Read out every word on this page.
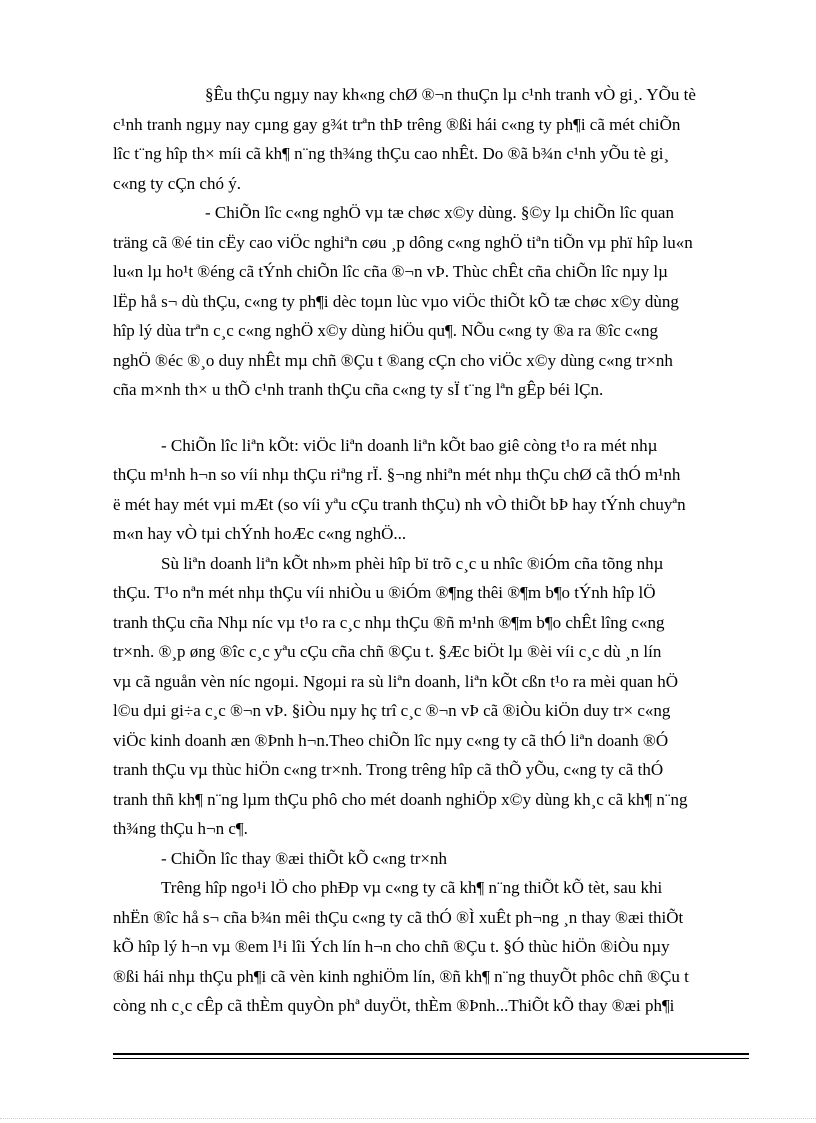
§Êu thÇu ngµy nay kh«ng chØ ®¬n thuÇn lµ c¹nh tranh vÒ gi¸. YÕu tè
c¹nh tranh ngµy nay cµng gay g¾t trªn thÞ trêng ®ßi hái c«ng ty ph¶i cã mét chiÕn
lîc t¨ng hîp th× míi cã kh¶ n¨ng th¾ng thÇu cao nhÊt. Do ®ã b¾n c¹nh yÕu tè gi¸
c«ng ty cÇn chó ý.
- ChiÕn lîc c«ng nghÖ vµ tæ chøc x©y dùng. §©y lµ chiÕn lîc quan
träng cã ®é tin cËy cao viÖc nghiªn cøu ¸p dông c«ng nghÖ tiªn tiÕn vµ phï hîp lu«n
lu«n lµ ho¹t ®éng cã tÝnh chiÕn lîc cña ®¬n vÞ. Thùc chÊt cña chiÕn lîc nµy lµ
lËp hå s¬ dù thÇu, c«ng ty ph¶i dèc toµn lùc vµo viÖc thiÕt kÕ tæ chøc x©y dùng
hîp lý dùa trªn c¸c c«ng nghÖ x©y dùng hiÖu qu¶. NÕu c«ng ty ®a ra ®îc c«ng
nghÖ ®éc ®¸o duy nhÊt mµ chñ ®Çu t ®ang cÇn cho viÖc x©y dùng c«ng tr×nh
cña m×nh th× u thÕ c¹nh tranh thÇu cña c«ng ty sÏ t¨ng lªn gÊp béi lÇn.
- ChiÕn lîc liªn kÕt: viÖc liªn doanh liªn kÕt bao giê còng t¹o ra mét nhµ
thÇu m¹nh h¬n so víi nhµ thÇu riªng rÏ. §¬ng nhiªn mét nhµ thÇu chØ cã thÓ m¹nh
ë mét hay mét vµi mÆt (so víi yªu cÇu tranh thÇu) nh vÒ thiÕt bÞ hay tÝnh chuyªn
m«n hay vÒ tµi chÝnh hoÆc c«ng nghÖ...
Sù liªn doanh liªn kÕt nh»m phèi hîp bï trõ c¸c u nhîc ®iÓm cña tõng nhµ
thÇu. T¹o nªn mét nhµ thÇu víi nhiÒu u ®iÓm ®¶ng thêi ®¶m b¶o tÝnh hîp lÖ
tranh thÇu cña Nhµ níc vµ t¹o ra c¸c nhµ thÇu ®ñ m¹nh ®¶m b¶o chÊt lîng c«ng
tr×nh. ®¸p øng ®îc c¸c yªu cÇu cña chñ ®Çu t. §Æc biÖt lµ ®èi víi c¸c dù ¸n lín
vµ cã nguån vèn níc ngoµi. Ngoµi ra sù liªn doanh, liªn kÕt cßn t¹o ra mèi quan hÖ
l©u dµi gi÷a c¸c ®¬n vÞ. §iÒu nµy hç trî c¸c ®¬n vÞ cã ®iÒu kiÖn duy tr× c«ng
viÖc kinh doanh æn ®Þnh h¬n.Theo chiÕn lîc nµy c«ng ty cã thÓ liªn doanh ®Ó
tranh thÇu vµ thùc hiÖn c«ng tr×nh. Trong trêng hîp cã thÕ yÕu, c«ng ty cã thÓ
tranh thñ kh¶ n¨ng lµm thÇu phô cho mét doanh nghiÖp x©y dùng kh¸c cã kh¶ n¨ng
th¾ng thÇu h¬n c¶.
- ChiÕn lîc thay ®æi thiÕt kÕ c«ng tr×nh
Trêng hîp ngo¹i lÖ cho phÐp vµ c«ng ty cã kh¶ n¨ng thiÕt kÕ tèt, sau khi
nhËn ®îc hå s¬ cña b¾n mêi thÇu c«ng ty cã thÓ ®Ì xuÊt ph¬ng ¸n thay ®æi thiÕt
kÕ hîp lý h¬n vµ ®em l¹i lîi Ých lín h¬n cho chñ ®Çu t. §Ó thùc hiÖn ®iÒu nµy
®ßi hái nhµ thÇu ph¶i cã vèn kinh nghiÖm lín, ®ñ kh¶ n¨ng thuyÕt phôc chñ ®Çu t
còng nh c¸c cÊp cã thÈm quyÒn phª duyÖt, thÈm ®Þnh...ThiÕt kÕ thay ®æi ph¶i
